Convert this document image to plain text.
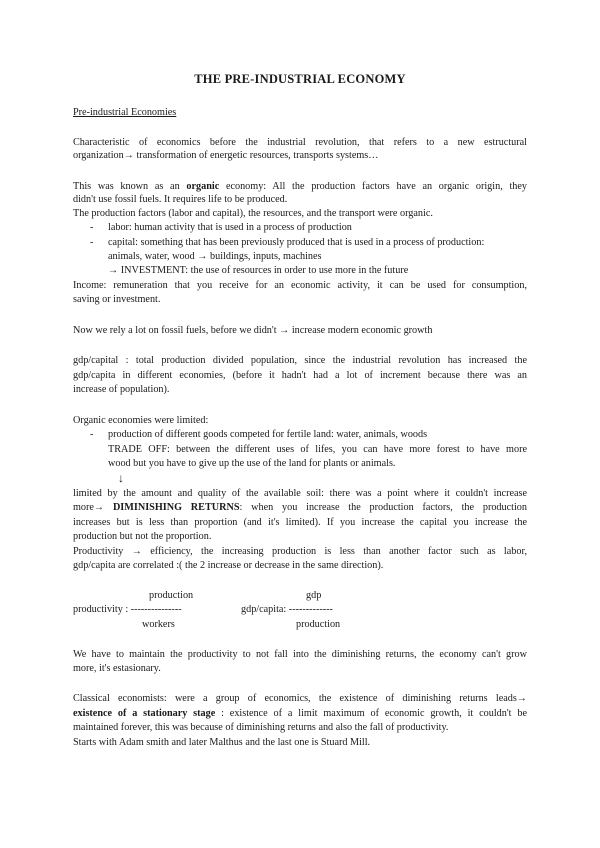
THE PRE-INDUSTRIAL ECONOMY
Pre-industrial Economies
Characteristic of economics before the industrial revolution, that refers to a new estructural
organization→ transformation of energetic resources, transports systems…
This was known as an organic economy: All the production factors have an organic origin, they
didn't use fossil fuels. It requires life to be produced.
The production factors (labor and capital), the resources, and the transport were organic.
- labor: human activity that is used in a process of production
- capital: something that has been previously produced that is used in a process of production:
animals, water, wood → buildings, inputs, machines
→ INVESTMENT: the use of resources in order to use more in the future
Income: remuneration that you receive for an economic activity, it can be used for consumption,
saving or investment.
Now we rely a lot on fossil fuels, before we didn't → increase modern economic growth
gdp/capital : total production divided population, since the industrial revolution has increased the
gdp/capita in different economies, (before it hadn't had a lot of increment because there was an
increase of population).
Organic economies were limited:
- production of different goods competed for fertile land: water, animals, woods
TRADE OFF: between the different uses of lifes, you can have more forest to have more
wood but you have to give up the use of the land for plants or animals.
↓
limited by the amount and quality of the available soil: there was a point where it couldn't increase
more→ DIMINISHING RETURNS: when you increase the production factors, the production
increases but is less than proportion (and it's limited). If you increase the capital you increase the
production but not the proportion.
Productivity → efficiency, the increasing production is less than another factor such as labor,
gdp/capita are correlated :( the 2 increase or decrease in the same direction).
production
productivity : ---------------
workers
gdp
gdp/capita: -------------
production
We have to maintain the productivity to not fall into the diminishing returns, the economy can't grow
more, it's estasionary.
Classical economists: were a group of economics, the existence of diminishing returns leads→
existence of a stationary stage : existence of a limit maximum of economic growth, it couldn't be
maintained forever, this was because of diminishing returns and also the fall of productivity.
Starts with Adam smith and later Malthus and the last one is Stuard Mill.
